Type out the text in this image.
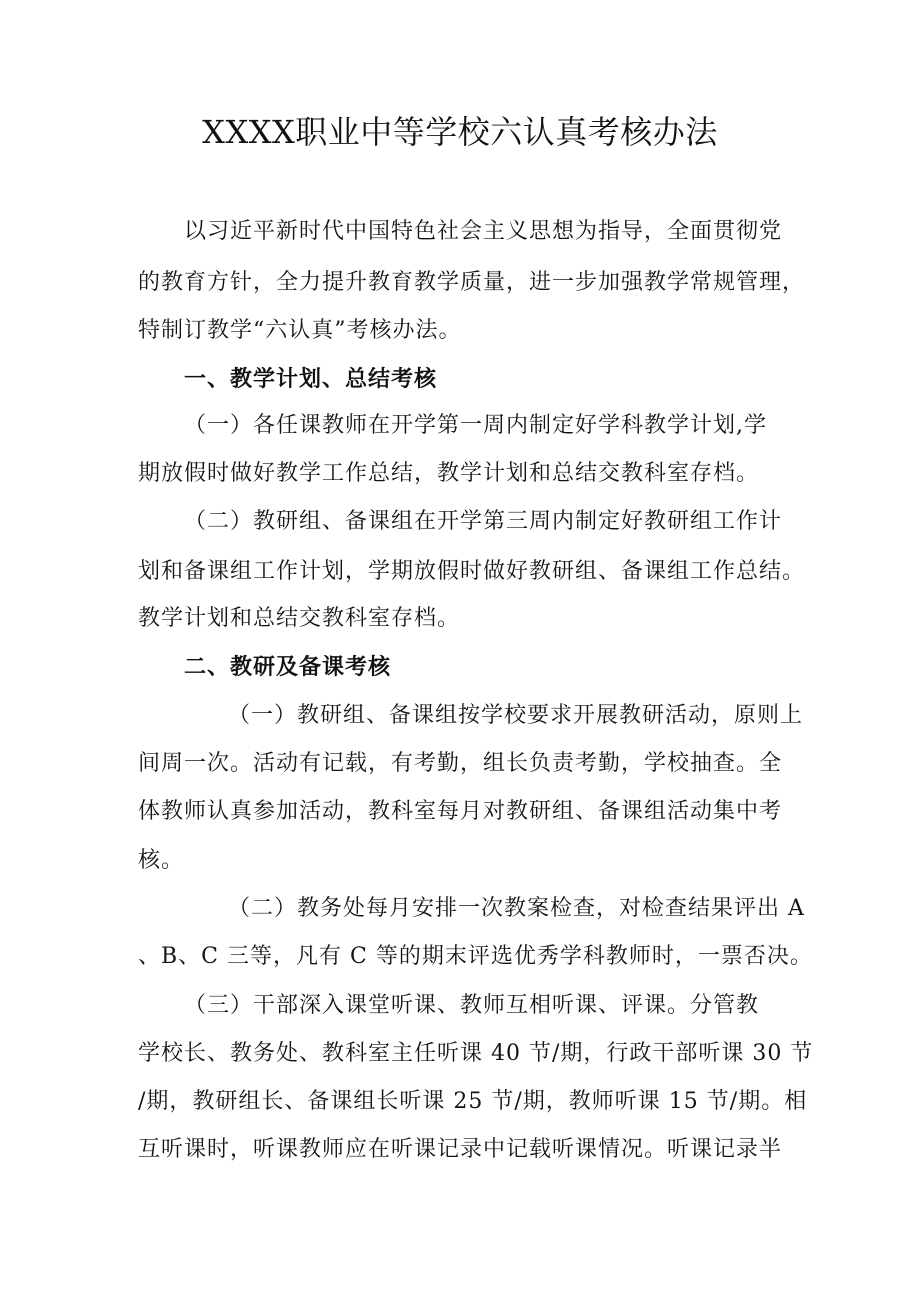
XXXX职业中等学校六认真考核办法
以习近平新时代中国特色社会主义思想为指导，全面贯彻党
的教育方针，全力提升教育教学质量，进一步加强教学常规管理，
特制订教学“六认真”考核办法。
一、教学计划、总结考核
（一）各任课教师在开学第一周内制定好学科教学计划,学
期放假时做好教学工作总结，教学计划和总结交教科室存档。
（二）教研组、备课组在开学第三周内制定好教研组工作计
划和备课组工作计划，学期放假时做好教研组、备课组工作总结。
教学计划和总结交教科室存档。
二、教研及备课考核
（一）教研组、备课组按学校要求开展教研活动，原则上
间周一次。活动有记载，有考勤，组长负责考勤，学校抽查。全
体教师认真参加活动，教科室每月对教研组、备课组活动集中考
核。
（二）教务处每月安排一次教案检查，对检查结果评出 A
、B、C 三等，凡有 C 等的期末评选优秀学科教师时，一票否决。
（三）干部深入课堂听课、教师互相听课、评课。分管教
学校长、教务处、教科室主任听课 40 节/期，行政干部听课 30 节
/期，教研组长、备课组长听课 25 节/期，教师听课 15 节/期。相
互听课时，听课教师应在听课记录中记载听课情况。听课记录半
